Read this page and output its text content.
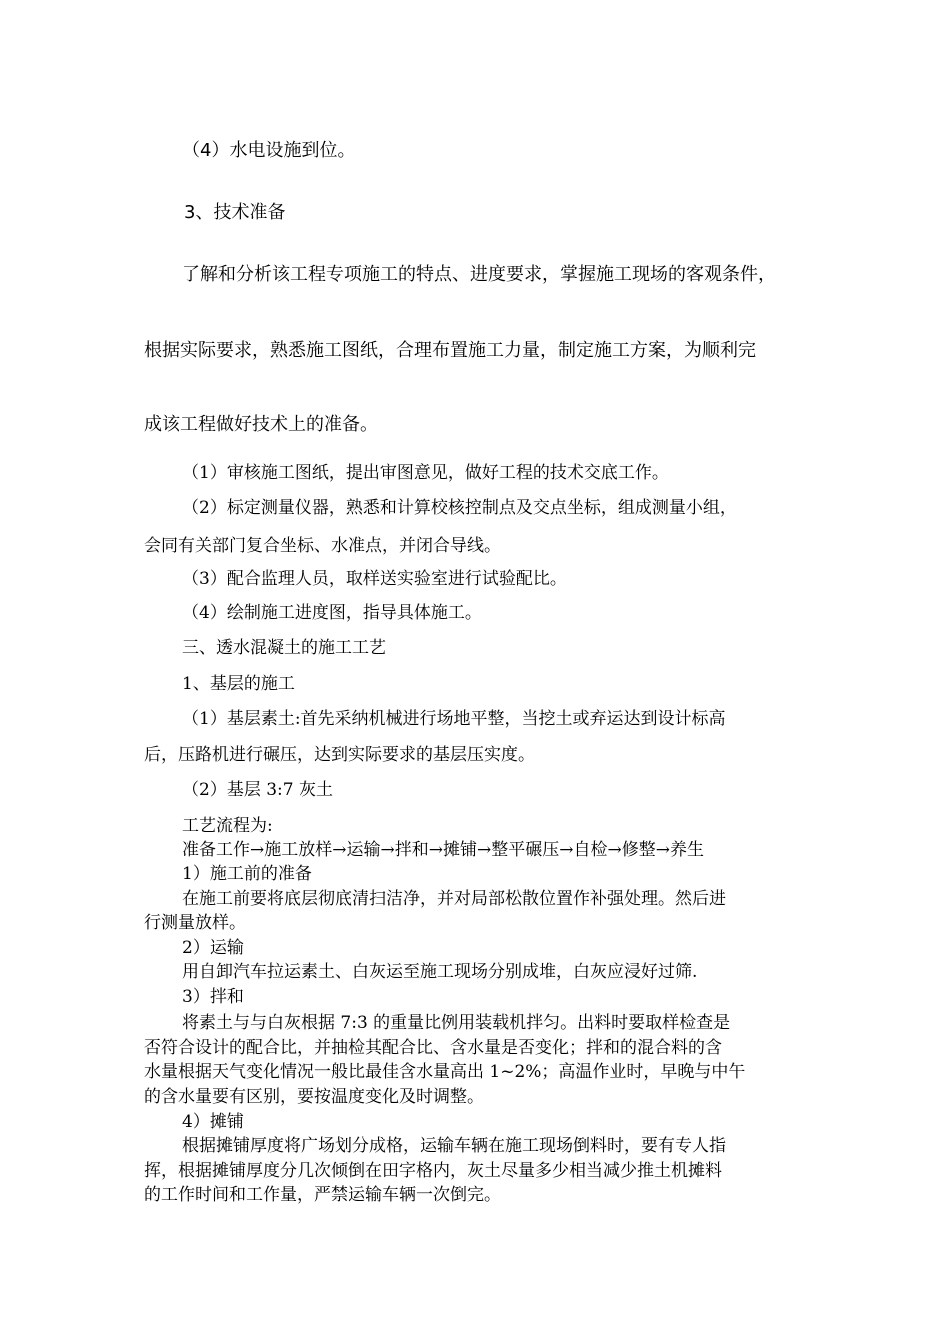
（4）水电设施到位。

3、技术准备

了解和分析该工程专项施工的特点、进度要求，掌握施工现场的客观条件，

根据实际要求，熟悉施工图纸，合理布置施工力量，制定施工方案，为顺利完

成该工程做好技术上的准备。

（1）审核施工图纸，提出审图意见，做好工程的技术交底工作。

（2）标定测量仪器，熟悉和计算校核控制点及交点坐标，组成测量小组，

会同有关部门复合坐标、水准点，并闭合导线。

（3）配合监理人员，取样送实验室进行试验配比。

（4）绘制施工进度图，指导具体施工。

三、透水混凝土的施工工艺

1、基层的施工

（1）基层素土:首先采纳机械进行场地平整，当挖土或弃运达到设计标高

后，压路机进行碾压，达到实际要求的基层压实度。

（2）基层 3:7 灰土

工艺流程为:

准备工作→施工放样→运输→拌和→摊铺→整平碾压→自检→修整→养生

1）施工前的准备

在施工前要将底层彻底清扫洁净，并对局部松散位置作补强处理。然后进

行测量放样。

2）运输

用自卸汽车拉运素土、白灰运至施工现场分别成堆，白灰应浸好过筛.

3）拌和

将素土与与白灰根据 7:3 的重量比例用装载机拌匀。出料时要取样检查是

否符合设计的配合比，并抽检其配合比、含水量是否变化；拌和的混合料的含

水量根据天气变化情况一般比最佳含水量高出 1~2%；高温作业时，早晚与中午

的含水量要有区别，要按温度变化及时调整。

4）摊铺

根据摊铺厚度将广场划分成格，运输车辆在施工现场倒料时，要有专人指

挥，根据摊铺厚度分几次倾倒在田字格内，灰土尽量多少相当减少推土机摊料

的工作时间和工作量，严禁运输车辆一次倒完。
